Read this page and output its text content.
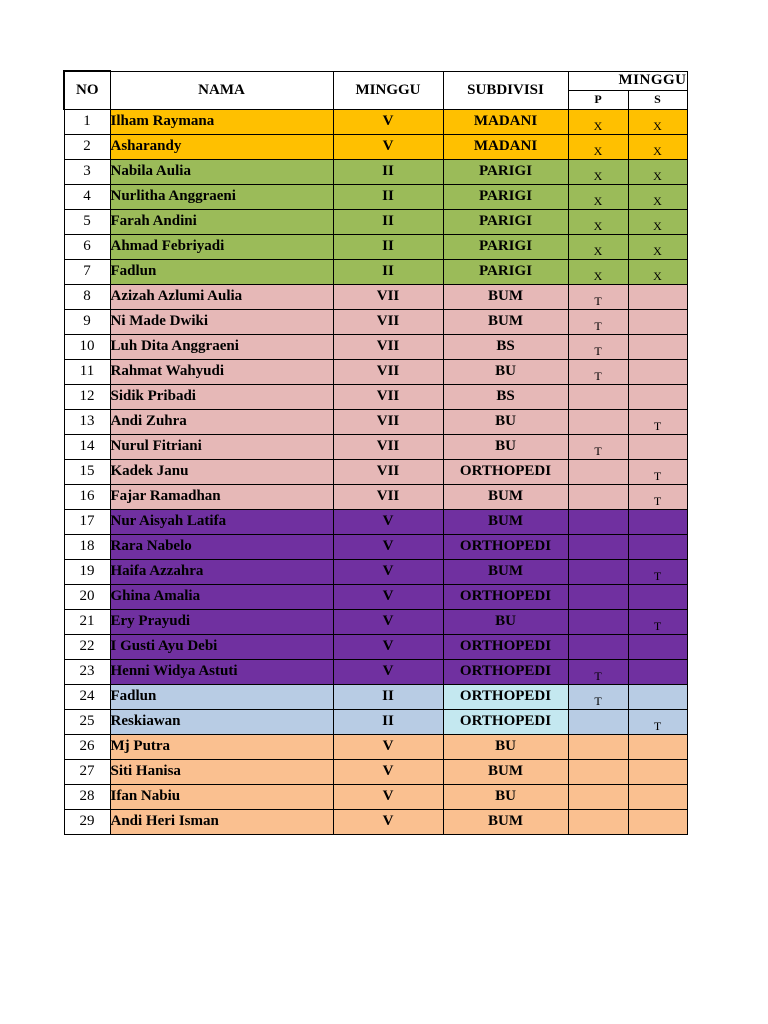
NO	NAMA	MINGGU	SUBDIVISI	MINGGU	
				P	S
1	Ilham Raymana	V	MADANI	X	X
2	Asharandy	V	MADANI	X	X
3	Nabila Aulia	II	PARIGI	X	X
4	Nurlitha Anggraeni	II	PARIGI	X	X
5	Farah Andini	II	PARIGI	X	X
6	Ahmad Febriyadi	II	PARIGI	X	X
7	Fadlun	II	PARIGI	X	X
8	Azizah Azlumi Aulia	VII	BUM	T	
9	Ni Made Dwiki	VII	BUM	T	
10	Luh Dita Anggraeni	VII	BS	T	
11	Rahmat Wahyudi	VII	BU	T	
12	Sidik Pribadi	VII	BS		
13	Andi Zuhra	VII	BU		T
14	Nurul Fitriani	VII	BU	T	
15	Kadek Janu	VII	ORTHOPEDI		T
16	Fajar Ramadhan	VII	BUM		T
17	Nur Aisyah Latifa	V	BUM		
18	Rara Nabelo	V	ORTHOPEDI		
19	Haifa Azzahra	V	BUM		T
20	Ghina Amalia	V	ORTHOPEDI		
21	Ery Prayudi	V	BU		T
22	I Gusti Ayu Debi	V	ORTHOPEDI		
23	Henni Widya Astuti	V	ORTHOPEDI	T	
24	Fadlun	II	ORTHOPEDI	T	
25	Reskiawan	II	ORTHOPEDI		T
26	Mj Putra	V	BU		
27	Siti Hanisa	V	BUM		
28	Ifan Nabiu	V	BU		
29	Andi Heri Isman	V	BUM		
